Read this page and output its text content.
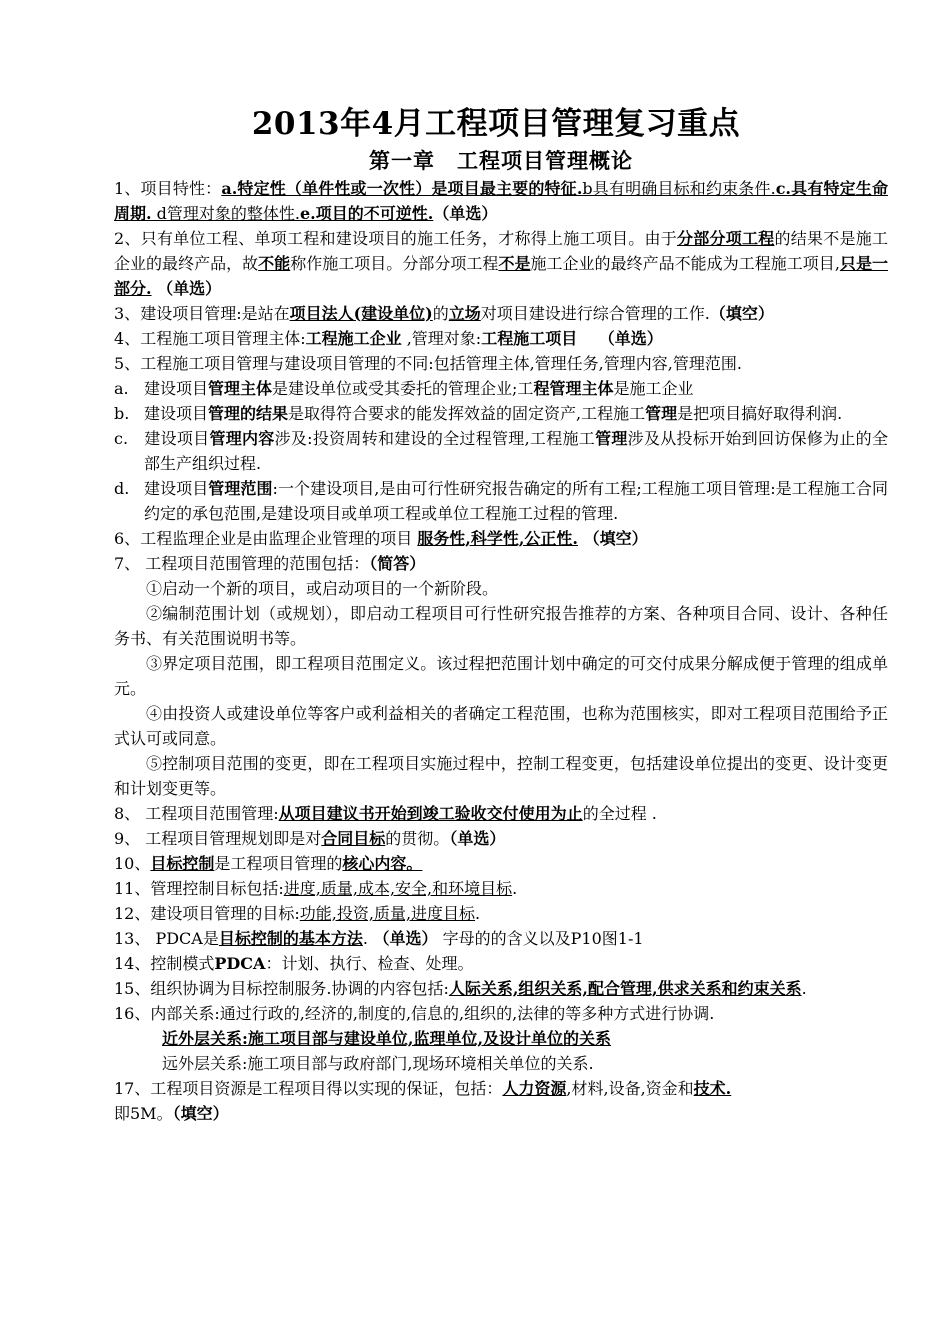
2013年4月工程项目管理复习重点
第一章　工程项目管理概论

1、项目特性：a.特定性（单件性或一次性）是项目最主要的特征.b具有明确目标和约束条件.c.具有特定生命周期. d管理对象的整体性.e.项目的不可逆性.（单选）

2、只有单位工程、单项工程和建设项目的施工任务，才称得上施工项目。由于分部分项工程的结果不是施工企业的最终产品，故不能称作施工项目。分部分项工程不是施工企业的最终产品不能成为工程施工项目,只是一部分. （单选）

3、建设项目管理:是站在项目法人(建设单位)的立场对项目建设进行综合管理的工作.（填空）

4、工程施工项目管理主体:工程施工企业 ,管理对象:工程施工项目　 （单选）

5、工程施工项目管理与建设项目管理的不同:包括管理主体,管理任务,管理内容,管理范围.

a. 建设项目管理主体是建设单位或受其委托的管理企业;工程管理主体是施工企业

b. 建设项目管理的结果是取得符合要求的能发挥效益的固定资产,工程施工管理是把项目搞好取得利润.

c. 建设项目管理内容涉及:投资周转和建设的全过程管理,工程施工管理涉及从投标开始到回访保修为止的全部生产组织过程.

d. 建设项目管理范围:一个建设项目,是由可行性研究报告确定的所有工程;工程施工项目管理:是工程施工合同约定的承包范围,是建设项目或单项工程或单位工程施工过程的管理.

6、工程监理企业是由监理企业管理的项目 服务性,科学性,公正性. （填空）

7、 工程项目范围管理的范围包括：（简答）

①启动一个新的项目，或启动项目的一个新阶段。

②编制范围计划（或规划），即启动工程项目可行性研究报告推荐的方案、各种项目合同、设计、各种任务书、有关范围说明书等。

③界定项目范围，即工程项目范围定义。该过程把范围计划中确定的可交付成果分解成便于管理的组成单元。

④由投资人或建设单位等客户或利益相关的者确定工程范围，也称为范围核实，即对工程项目范围给予正式认可或同意。

⑤控制项目范围的变更，即在工程项目实施过程中，控制工程变更，包括建设单位提出的变更、设计变更和计划变更等。

8、 工程项目范围管理:从项目建议书开始到竣工验收交付使用为止的全过程 .

9、 工程项目管理规划即是对合同目标的贯彻。（单选）

10、目标控制是工程项目管理的核心内容。

11、管理控制目标包括:进度,质量,成本,安全,和环境目标.

12、建设项目管理的目标:功能,投资,质量,进度目标.

13、 PDCA是目标控制的基本方法. （单选） 字母的的含义以及P10图1-1

14、控制模式PDCA：计划、执行、检查、处理。

15、组织协调为目标控制服务.协调的内容包括:人际关系,组织关系,配合管理,供求关系和约束关系.

16、内部关系:通过行政的,经济的,制度的,信息的,组织的,法律的等多种方式进行协调.

近外层关系:施工项目部与建设单位,监理单位,及设计单位的关系

远外层关系:施工项目部与政府部门,现场环境相关单位的关系.

17、工程项目资源是工程项目得以实现的保证，包括：人力资源,材料,设备,资金和技术.
即5M。（填空）
